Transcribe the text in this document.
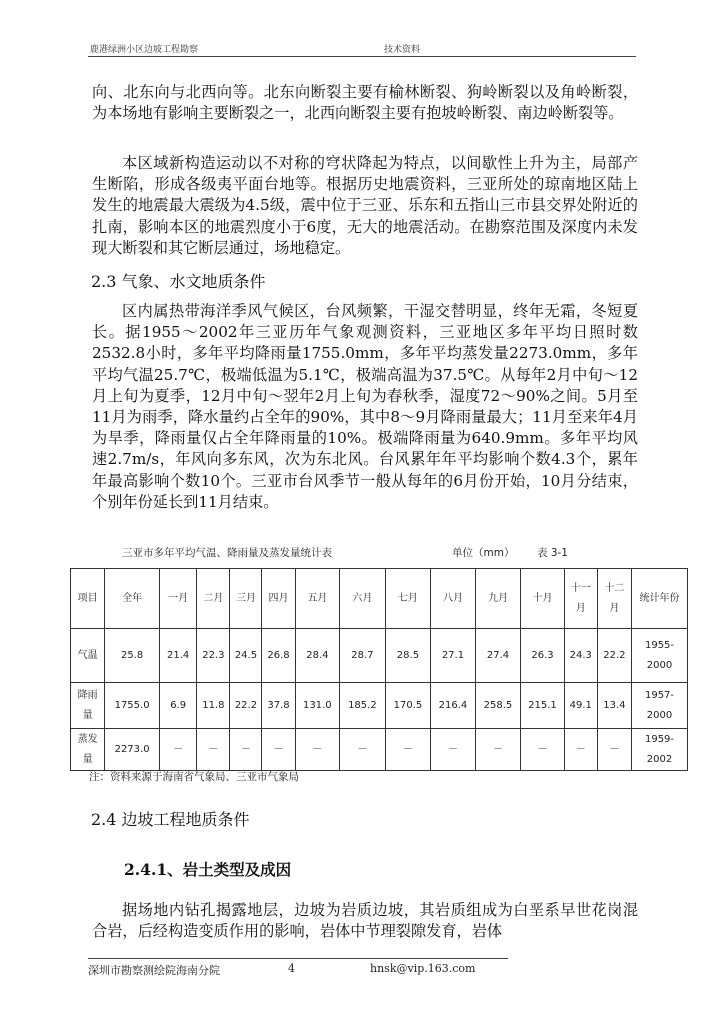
鹿港绿洲小区边坡工程勘察	技术资料

向、北东向与北西向等。北东向断裂主要有榆林断裂、狗岭断裂以及角岭断裂，为本场地有影响主要断裂之一，北西向断裂主要有抱坡岭断裂、南边岭断裂等。

本区域新构造运动以不对称的穹状降起为特点，以间歇性上升为主，局部产生断陷，形成各级夷平面台地等。根据历史地震资料，三亚所处的琼南地区陆上发生的地震最大震级为4.5级，震中位于三亚、乐东和五指山三市县交界处附近的扎南，影响本区的地震烈度小于6度，无大的地震活动。在勘察范围及深度内未发现大断裂和其它断层通过，场地稳定。

2.3 气象、水文地质条件

区内属热带海洋季风气候区，台风频繁，干湿交替明显，终年无霜，冬短夏长。据1955～2002年三亚历年气象观测资料，三亚地区多年平均日照时数2532.8小时，多年平均降雨量1755.0mm，多年平均蒸发量2273.0mm，多年平均气温25.7℃，极端低温为5.1℃，极端高温为37.5℃。从每年2月中旬～12月上旬为夏季，12月中旬～翌年2月上旬为春秋季，湿度72～90%之间。5月至11月为雨季，降水量约占全年的90%，其中8～9月降雨量最大；11月至来年4月为旱季，降雨量仅占全年降雨量的10%。极端降雨量为640.9mm。多年平均风速2.7m/s，年风向多东风，次为东北风。台风累年年平均影响个数4.3个，累年年最高影响个数10个。三亚市台风季节一般从每年的6月份开始，10月分结束，个别年份延长到11月结束。

三亚市多年平均气温、降雨量及蒸发量统计表	单位（mm） 表 3-1
项目	全年	一月	二月	三月	四月	五月	六月	七月	八月	九月	十月	十一月	十二月	统计年份
气温	25.8	21.4	22.3	24.5	26.8	28.4	28.7	28.5	27.1	27.4	26.3	24.3	22.2	1955-2000
降雨量	1755.0	6.9	11.8	22.2	37.8	131.0	185.2	170.5	216.4	258.5	215.1	49.1	13.4	1957-2000
蒸发量	2273.0	－	－	－	－	－	－	－	－	－	－	－	－	1959-2002
注：资料来源于海南省气象局、三亚市气象局
2.4 边坡工程地质条件
2.4.1、岩土类型及成因

据场地内钻孔揭露地层，边坡为岩质边坡，其岩质组成为白垩系早世花岗混合岩，后经构造变质作用的影响，岩体中节理裂隙发育，岩体

深圳市勘察测绘院海南分院	4	hnsk@vip.163.com
